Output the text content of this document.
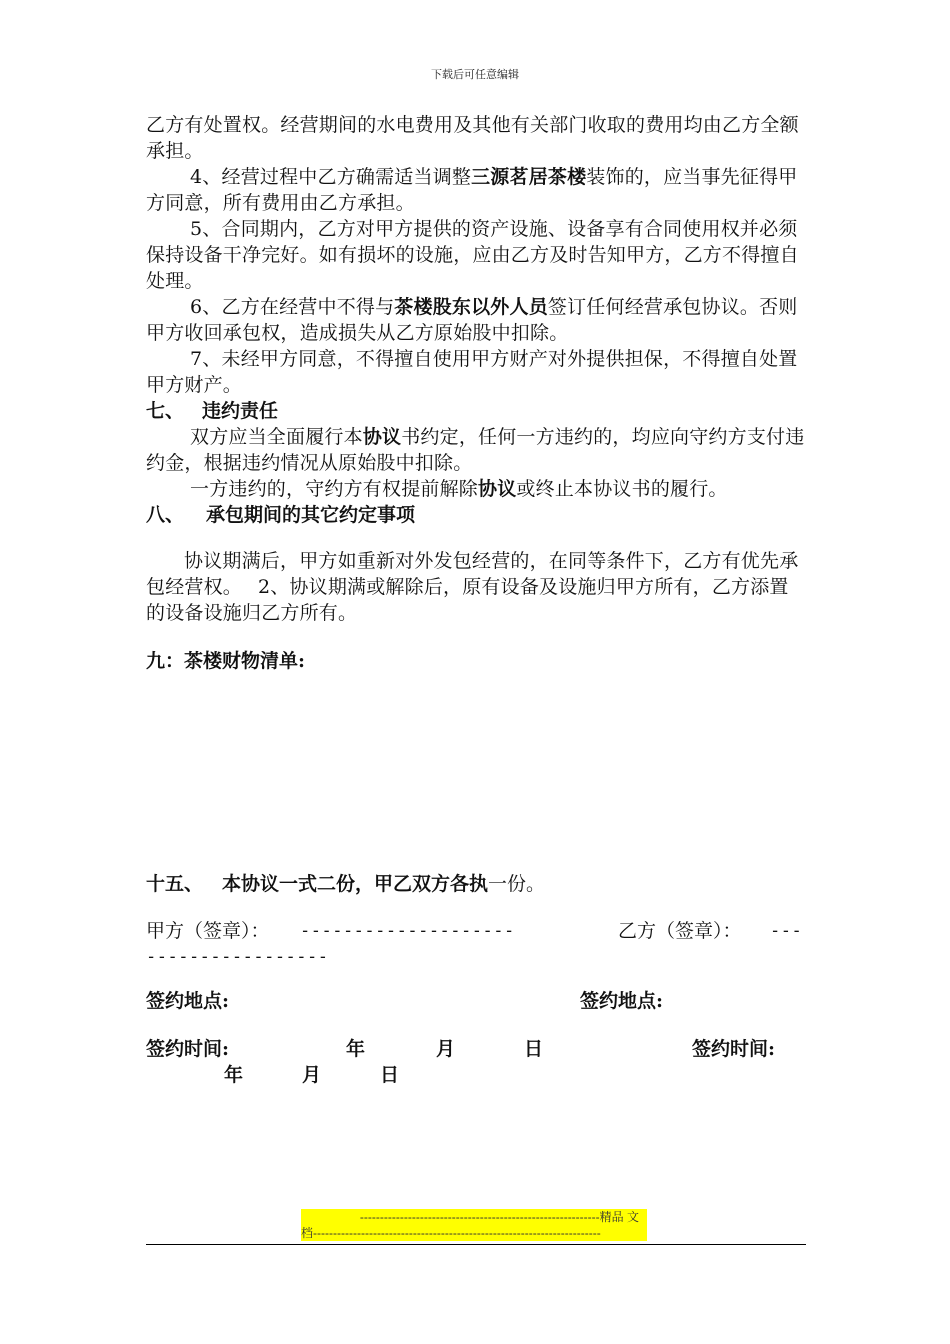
下载后可任意编辑

乙方有处置权。经营期间的水电费用及其他有关部门收取的费用均由乙方全额承担。

4、经营过程中乙方确需适当调整三源茗居茶楼装饰的，应当事先征得甲方同意，所有费用由乙方承担。

5、合同期内，乙方对甲方提供的资产设施、设备享有合同使用权并必须保持设备干净完好。如有损坏的设施，应由乙方及时告知甲方，乙方不得擅自处理。

6、乙方在经营中不得与茶楼股东以外人员签订任何经营承包协议。否则甲方收回承包权，造成损失从乙方原始股中扣除。

7、未经甲方同意，不得擅自使用甲方财产对外提供担保，不得擅自处置甲方财产。

七、 违约责任

双方应当全面履行本协议书约定，任何一方违约的，均应向守约方支付违约金，根据违约情况从原始股中扣除。

一方违约的，守约方有权提前解除协议或终止本协议书的履行。

八、 承包期间的其它约定事项

协议期满后，甲方如重新对外发包经营的，在同等条件下，乙方有优先承包经营权。　 2、协议期满或解除后，原有设备及设施归甲方所有，乙方添置的设备设施归乙方所有。

九：茶楼财物清单:

十五、 本协议一式二份，甲乙双方各执一份。

甲方（签章）： --------------------	乙方（签章）： ---
-----------------
签约地点:	签约地点:
签约时间:	年	月	日	签约时间:
年	月	日
------------------------------------------------------------精品 文
档------------------------------------------------------------------------
